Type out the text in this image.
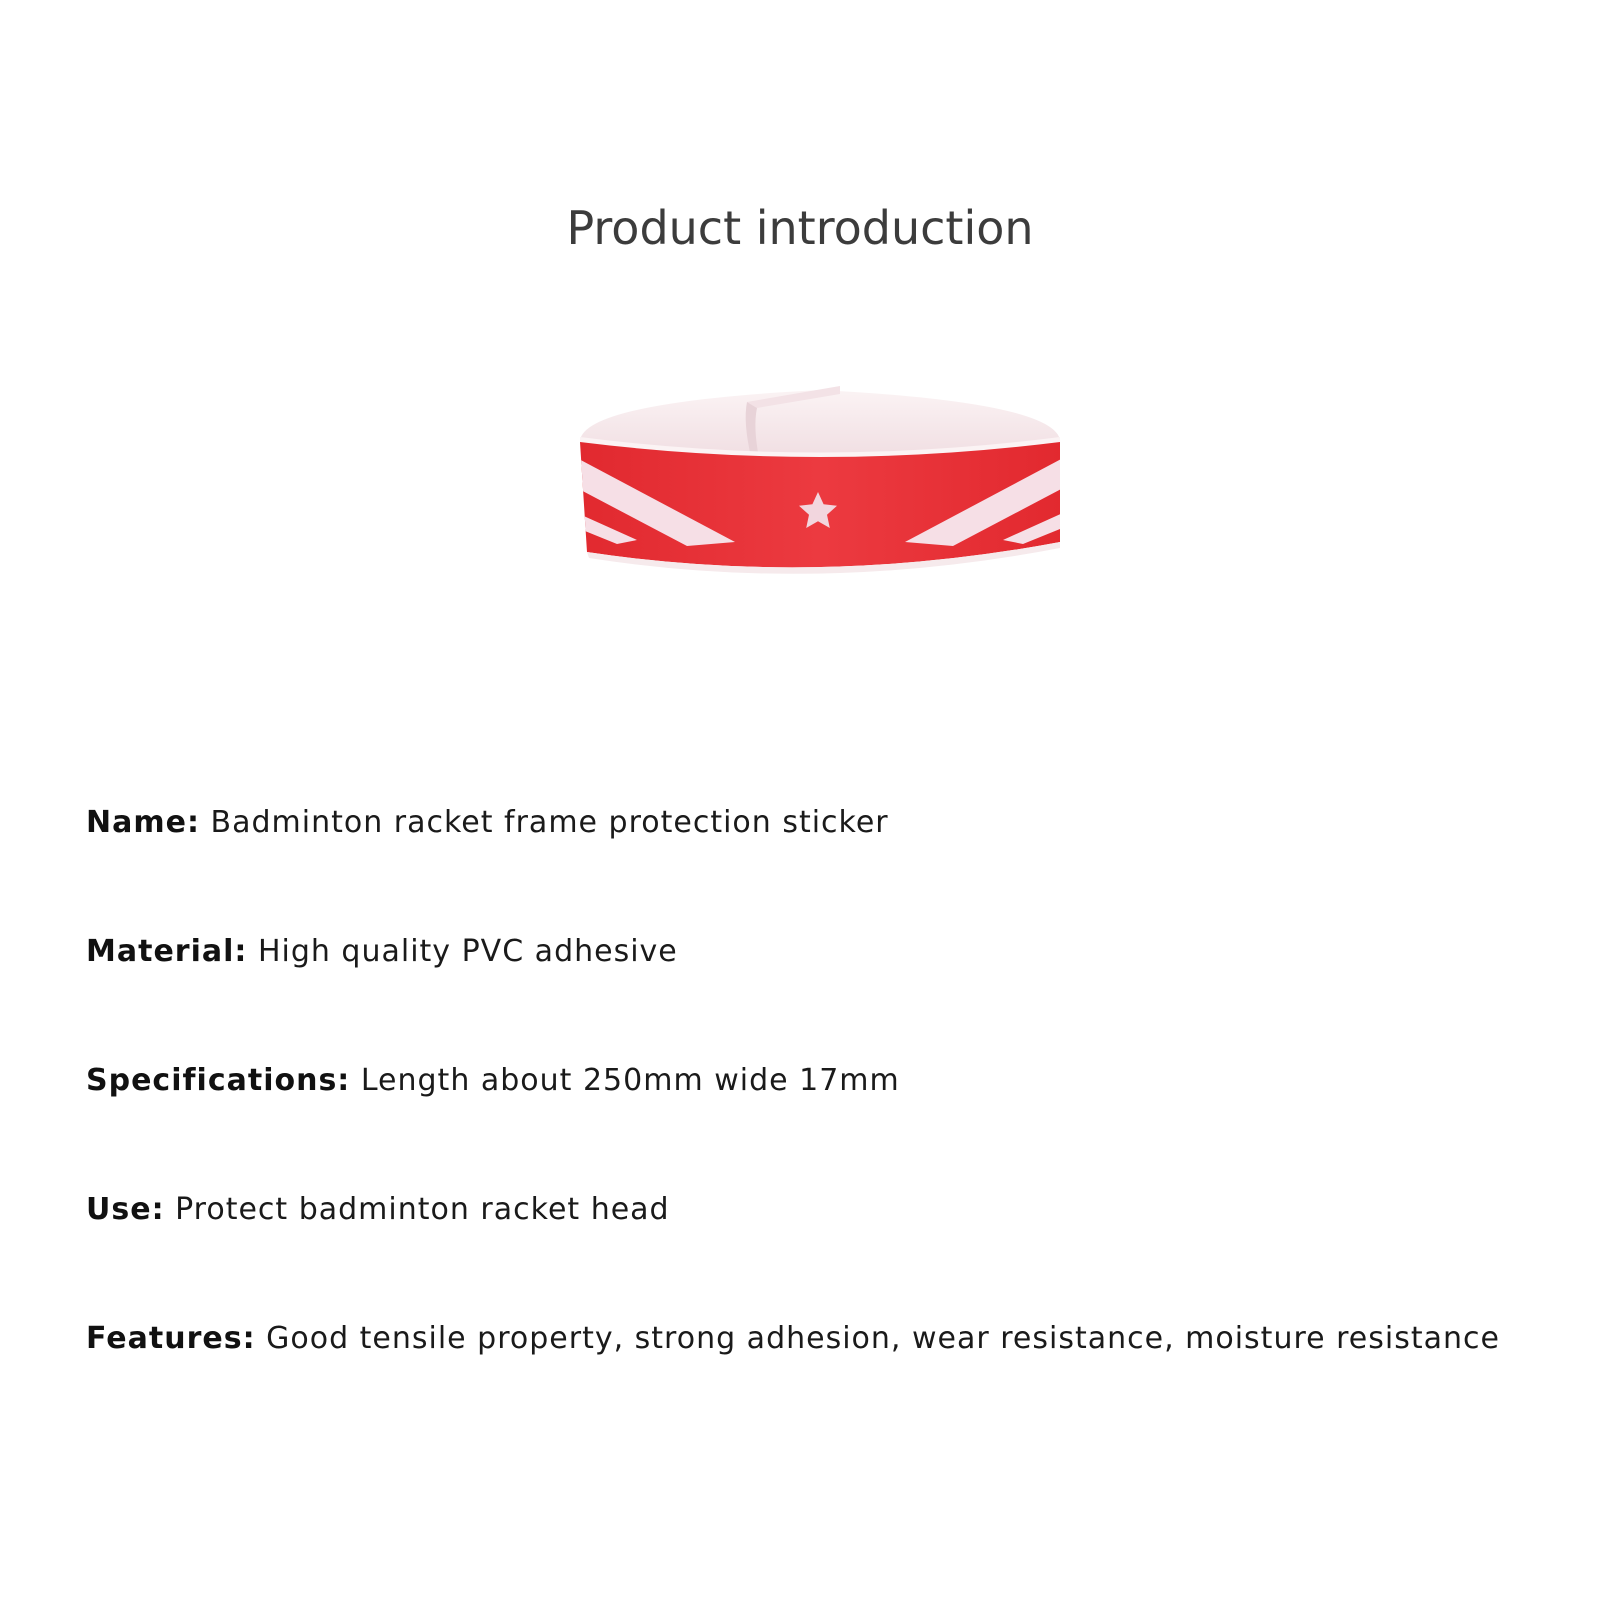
Product introduction
Name: Badminton racket frame protection sticker
Material: High quality PVC adhesive
Specifications: Length about 250mm wide 17mm
Use: Protect badminton racket head
Features: Good tensile property, strong adhesion, wear resistance, moisture resistance
